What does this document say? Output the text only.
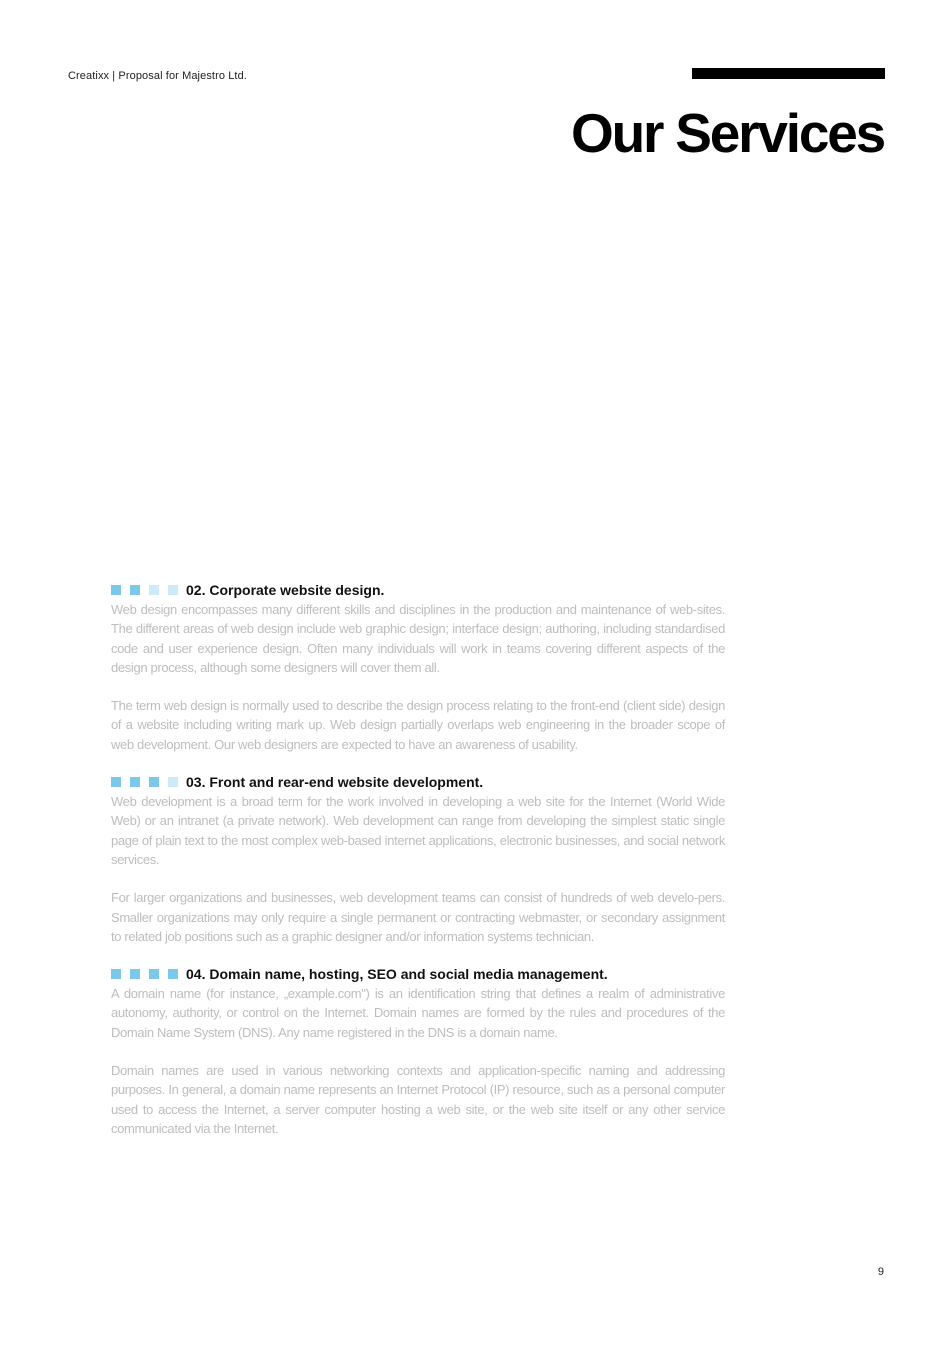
Creatixx | Proposal for Majestro Ltd.
Our Services
02. Corporate website design.

Web design encompasses many different skills and disciplines in the production and maintenance of web-sites. The different areas of web design include web graphic design; interface design; authoring, including standardised code and user experience design. Often many individuals will work in teams covering different aspects of the design process, although some designers will cover them all.

The term web design is normally used to describe the design process relating to the front-end (client side) design of a website including writing mark up. Web design partially overlaps web engineering in the broader scope of web development. Our web designers are expected to have an awareness of usability.

03. Front and rear-end website development.

Web development is a broad term for the work involved in developing a web site for the Internet (World Wide Web) or an intranet (a private network). Web development can range from developing the simplest static single page of plain text to the most complex web-based internet applications, electronic businesses, and social network services.

For larger organizations and businesses, web development teams can consist of hundreds of web develo-pers. Smaller organizations may only require a single permanent or contracting webmaster, or secondary assignment to related job positions such as a graphic designer and/or information systems technician.

04. Domain name, hosting, SEO and social media management.

A domain name (for instance, „example.com") is an identification string that defines a realm of administrative autonomy, authority, or control on the Internet. Domain names are formed by the rules and procedures of the Domain Name System (DNS). Any name registered in the DNS is a domain name.

Domain names are used in various networking contexts and application-specific naming and addressing purposes. In general, a domain name represents an Internet Protocol (IP) resource, such as a personal computer used to access the Internet, a server computer hosting a web site, or the web site itself or any other service communicated via the Internet.

9
